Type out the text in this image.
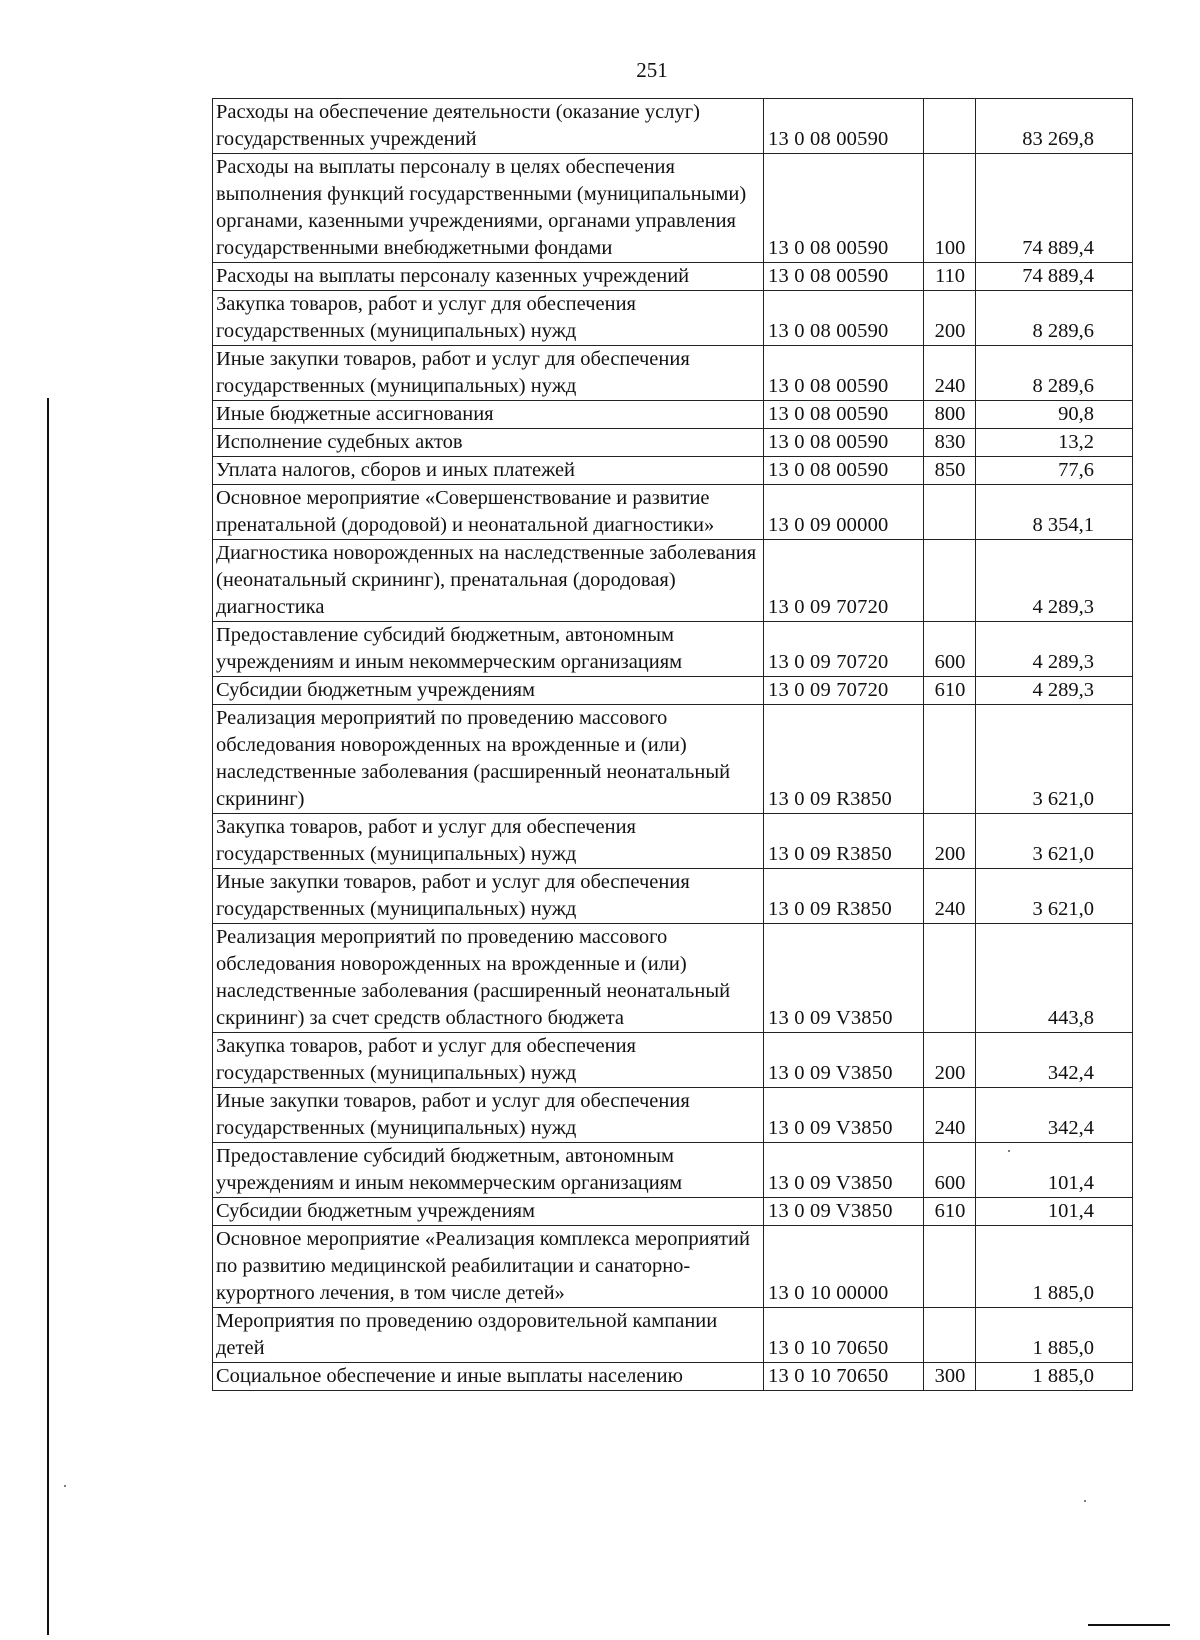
251
Расходы на обеспечение деятельности (оказание услуг) государственных учреждений	13 0 08 00590		83 269,8
Расходы на выплаты персоналу в целях обеспечения выполнения функций государственными (муниципальными) органами, казенными учреждениями, органами управления государственными внебюджетными фондами	13 0 08 00590	100	74 889,4
Расходы на выплаты персоналу казенных учреждений	13 0 08 00590	110	74 889,4
Закупка товаров, работ и услуг для обеспечения государственных (муниципальных) нужд	13 0 08 00590	200	8 289,6
Иные закупки товаров, работ и услуг для обеспечения государственных (муниципальных) нужд	13 0 08 00590	240	8 289,6
Иные бюджетные ассигнования	13 0 08 00590	800	90,8
Исполнение судебных актов	13 0 08 00590	830	13,2
Уплата налогов, сборов и иных платежей	13 0 08 00590	850	77,6
Основное мероприятие «Совершенствование и развитие пренатальной (дородовой) и неонатальной диагностики»	13 0 09 00000		8 354,1
Диагностика новорожденных на наследственные заболевания (неонатальный скрининг), пренатальная (дородовая) диагностика	13 0 09 70720		4 289,3
Предоставление субсидий бюджетным, автономным учреждениям и иным некоммерческим организациям	13 0 09 70720	600	4 289,3
Субсидии бюджетным учреждениям	13 0 09 70720	610	4 289,3
Реализация мероприятий по проведению массового обследования новорожденных на врожденные и (или) наследственные заболевания (расширенный неонатальный скрининг)	13 0 09 R3850		3 621,0
Закупка товаров, работ и услуг для обеспечения государственных (муниципальных) нужд	13 0 09 R3850	200	3 621,0
Иные закупки товаров, работ и услуг для обеспечения государственных (муниципальных) нужд	13 0 09 R3850	240	3 621,0
Реализация мероприятий по проведению массового обследования новорожденных на врожденные и (или) наследственные заболевания (расширенный неонатальный скрининг) за счет средств областного бюджета	13 0 09 V3850		443,8
Закупка товаров, работ и услуг для обеспечения государственных (муниципальных) нужд	13 0 09 V3850	200	342,4
Иные закупки товаров, работ и услуг для обеспечения государственных (муниципальных) нужд	13 0 09 V3850	240	342,4
Предоставление субсидий бюджетным, автономным учреждениям и иным некоммерческим организациям	13 0 09 V3850	600	101,4
Субсидии бюджетным учреждениям	13 0 09 V3850	610	101,4
Основное мероприятие «Реализация комплекса мероприятий по развитию медицинской реабилитации и санаторно-курортного лечения, в том числе детей»	13 0 10 00000		1 885,0
Мероприятия по проведению оздоровительной кампании детей	13 0 10 70650		1 885,0
Социальное обеспечение и иные выплаты населению	13 0 10 70650	300	1 885,0
